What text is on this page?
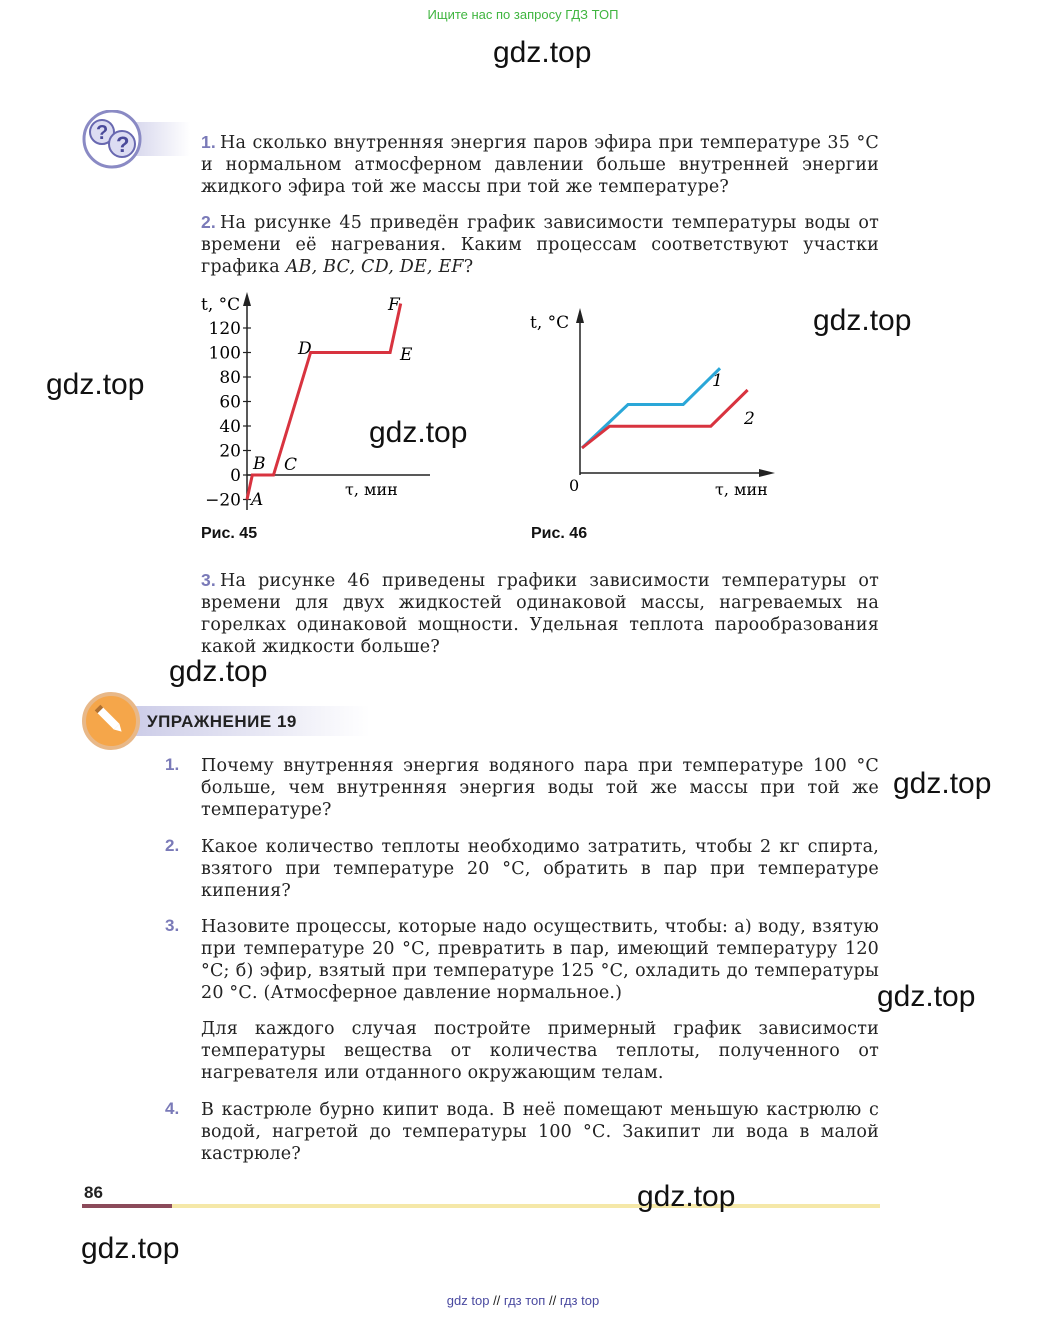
Ищите нас по запросу ГДЗ ТОП
gdz.top
? ?	1. На сколько внутренняя энергия паров эфира при температуре 35 °С и нормальном атмосферном давлении больше внутренней энергии жидкого эфира той же массы при той же температуре?
2. На рисунке 45 приведён график зависимости температуры воды от времени её нагревания. Каким процессам соответствуют участки графика AB, BC, CD, DE, EF?
120
100
80
60
40
20
0
−20
t, °C
τ, мин
A
B C
D	E
F
Рис. 45
t, °C
τ, мин
0
1
2
Рис. 46
3. На рисунке 46 приведены графики зависимости температуры от времени для двух жидкостей одинаковой массы, нагреваемых на горелках одинаковой мощности. Удельная теплота парообразования какой жидкости больше?
УПРАЖНЕНИЕ 19
1. Почему внутренняя энергия водяного пара при температуре 100 °С больше, чем внутренняя энергия воды той же массы при той же температуре?
2. Какое количество теплоты необходимо затратить, чтобы 2 кг спирта, взятого при температуре 20 °С, обратить в пар при температуре кипения?
3. Назовите процессы, которые надо осуществить, чтобы: а) воду, взятую при температуре 20 °С, превратить в пар, имеющий температуру 120 °С; б) эфир, взятый при температуре 125 °С, охладить до температуры 20 °С. (Атмосферное давление нормальное.)
Для каждого случая постройте примерный график зависимости температуры вещества от количества теплоты, полученного от нагревателя или отданного окружающим телам.
4. В кастрюле бурно кипит вода. В неё помещают меньшую кастрюлю с водой, нагретой до температуры 100 °С. Закипит ли вода в малой кастрюле?
86
gdz top // гдз топ // гдз top
gdz.top
gdz.top
gdz.top
gdz.top
gdz.top
gdz.top
gdz.top
gdz.top
